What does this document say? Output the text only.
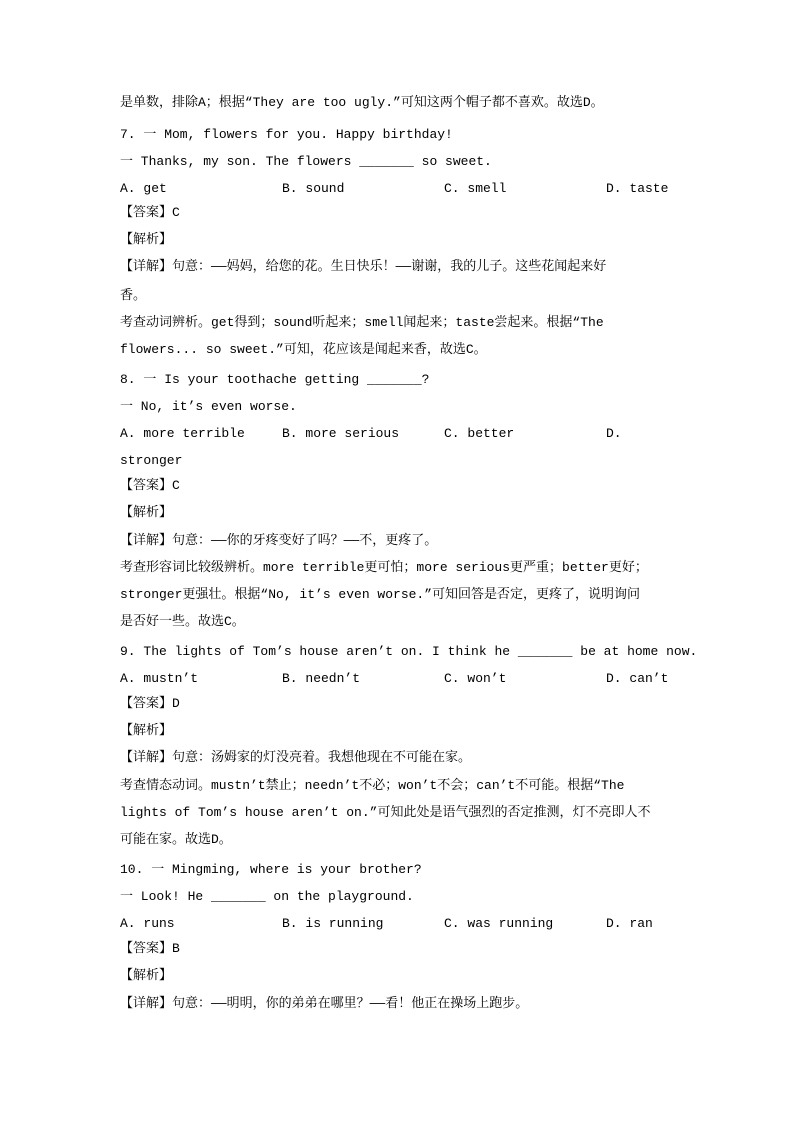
是单数，排除A；根据“They are too ugly.”可知这两个帽子都不喜欢。故选D。
7. 一 Mom, flowers for you. Happy birthday!
一 Thanks, my son. The flowers _______ so sweet.
A. get	B. sound	C. smell	D. taste
【答案】C
【解析】
【详解】句意：——妈妈，给您的花。生日快乐！——谢谢，我的儿子。这些花闻起来好
香。
考查动词辨析。get得到；sound听起来；smell闻起来；taste尝起来。根据“The
flowers... so sweet.”可知，花应该是闻起来香，故选C。
8. 一 Is your toothache getting _______?
一 No, it’s even worse.
A. more terrible	B. more serious	C. better	D.
stronger
【答案】C
【解析】
【详解】句意：——你的牙疼变好了吗？——不，更疼了。
考查形容词比较级辨析。more terrible更可怕；more serious更严重；better更好；
stronger更强壮。根据“No, it’s even worse.”可知回答是否定，更疼了，说明询问
是否好一些。故选C。
9. The lights of Tom’s house aren’t on. I think he _______ be at home now.
A. mustn’t	B. needn’t	C. won’t	D. can’t
【答案】D
【解析】
【详解】句意：汤姆家的灯没亮着。我想他现在不可能在家。
考查情态动词。mustn’t禁止；needn’t不必；won’t不会；can’t不可能。根据“The
lights of Tom’s house aren’t on.”可知此处是语气强烈的否定推测，灯不亮即人不
可能在家。故选D。
10. 一 Mingming, where is your brother?
一 Look! He _______ on the playground.
A. runs	B. is running	C. was running	D. ran
【答案】B
【解析】
【详解】句意：——明明，你的弟弟在哪里？——看！他正在操场上跑步。
